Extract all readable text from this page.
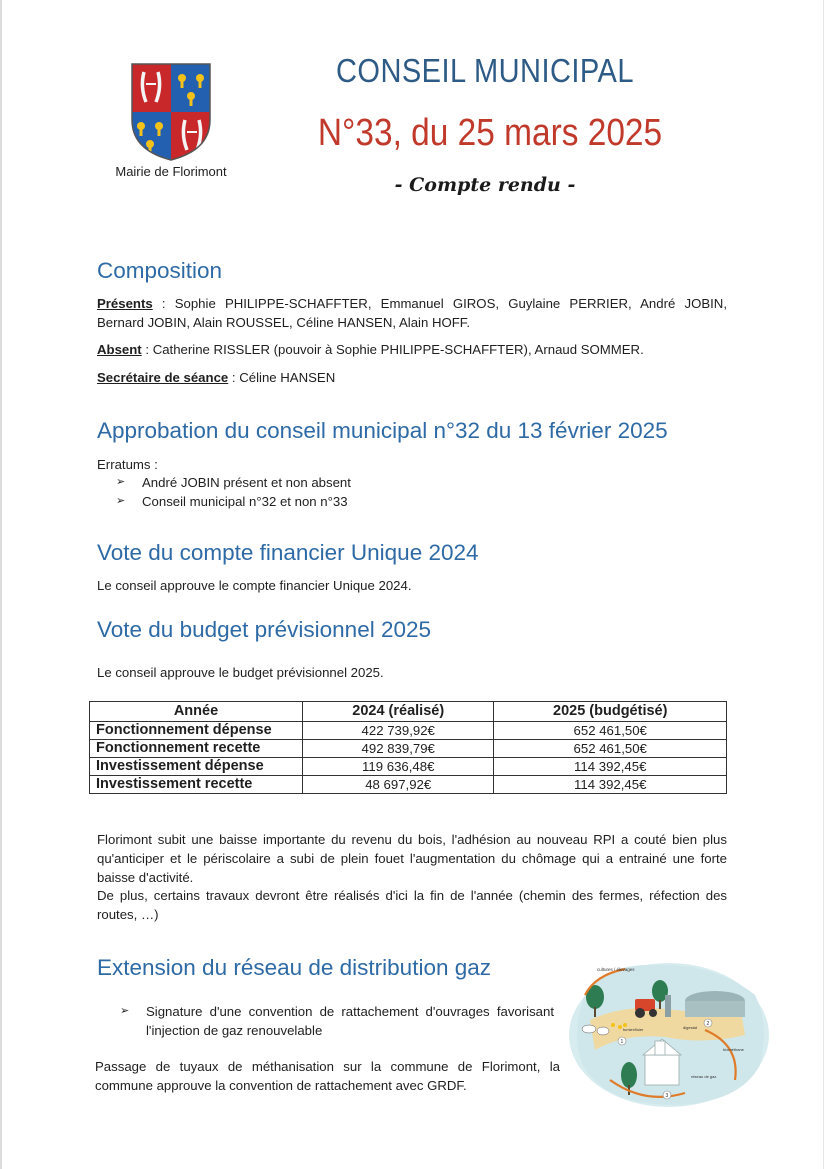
Mairie de Florimont
CONSEIL MUNICIPAL
N°33, du 25 mars 2025
- Compte rendu -
Composition

Présents : Sophie PHILIPPE-SCHAFFTER, Emmanuel GIROS, Guylaine PERRIER, André JOBIN, Bernard JOBIN, Alain ROUSSEL, Céline HANSEN, Alain HOFF.

Absent : Catherine RISSLER (pouvoir à Sophie PHILIPPE-SCHAFFTER), Arnaud SOMMER.

Secrétaire de séance : Céline HANSEN

Approbation du conseil municipal n°32 du 13 février 2025

Erratums :

➢ André JOBIN présent et non absent
➢ Conseil municipal n°32 et non n°33
Vote du compte financier Unique 2024

Le conseil approuve le compte financier Unique 2024.

Vote du budget prévisionnel 2025

Le conseil approuve le budget prévisionnel 2025.

Année	2024 (réalisé)	2025 (budgétisé)
Fonctionnement dépense	422 739,92€	652 461,50€
Fonctionnement recette	492 839,79€	652 461,50€
Investissement dépense	119 636,48€	114 392,45€
Investissement recette	48 697,92€	114 392,45€

Florimont subit une baisse importante du revenu du bois, l'adhésion au nouveau RPI a couté bien plus qu'anticiper et le périscolaire a subi de plein fouet l'augmentation du chômage qui a entrainé une forte baisse d'activité.

De plus, certains travaux devront être réalisés d'ici la fin de l'année (chemin des fermes, réfection des routes, …)

Extension du réseau de distribution gaz
➢ Signature d'une convention de rattachement d'ouvrages favorisant l'injection de gaz renouvelable

Passage de tuyaux de méthanisation sur la commune de Florimont, la commune approuve la convention de rattachement avec GRDF.

cultures / élevages
fumier/lisier	digestat
biométhane
réseau de gaz
2
1
3
